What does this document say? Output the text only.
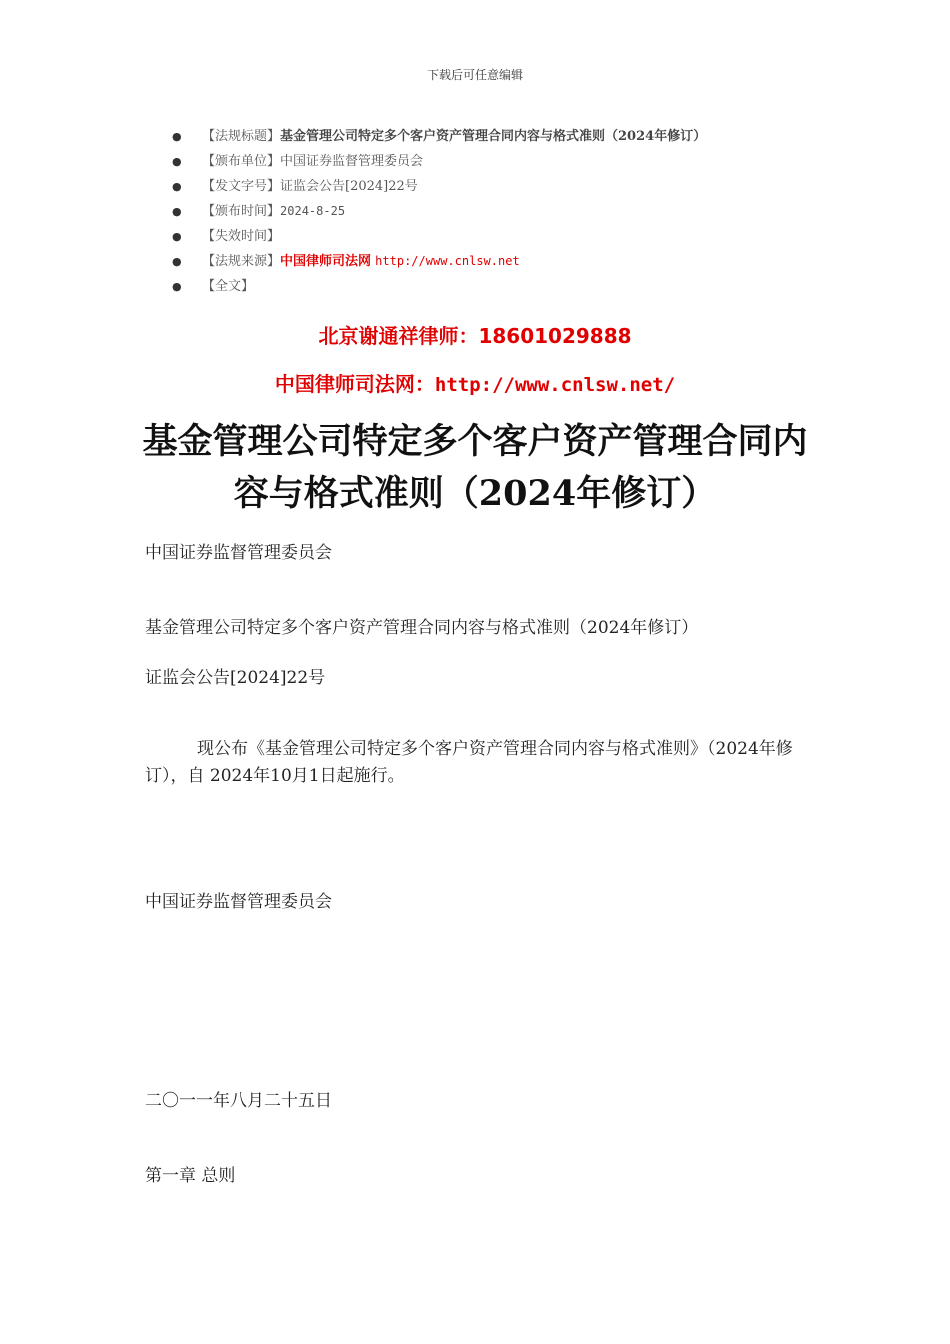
下载后可任意编辑
● 【法规标题】基金管理公司特定多个客户资产管理合同内容与格式准则（2024年修订）
● 【颁布单位】中国证券监督管理委员会
● 【发文字号】证监会公告[2024]22号
● 【颁布时间】2024-8-25
● 【失效时间】
● 【法规来源】中国律师司法网 http://www.cnlsw.net
● 【全文】
北京谢通祥律师：18601029888
中国律师司法网：http://www.cnlsw.net/
基金管理公司特定多个客户资产管理合同内容与格式准则（2024年修订）

中国证券监督管理委员会

基金管理公司特定多个客户资产管理合同内容与格式准则（2024年修订）

证监会公告[2024]22号

现公布《基金管理公司特定多个客户资产管理合同内容与格式准则》（2024年修订），自 2024年10月1日起施行。

中国证券监督管理委员会

二〇一一年八月二十五日

第一章 总则
